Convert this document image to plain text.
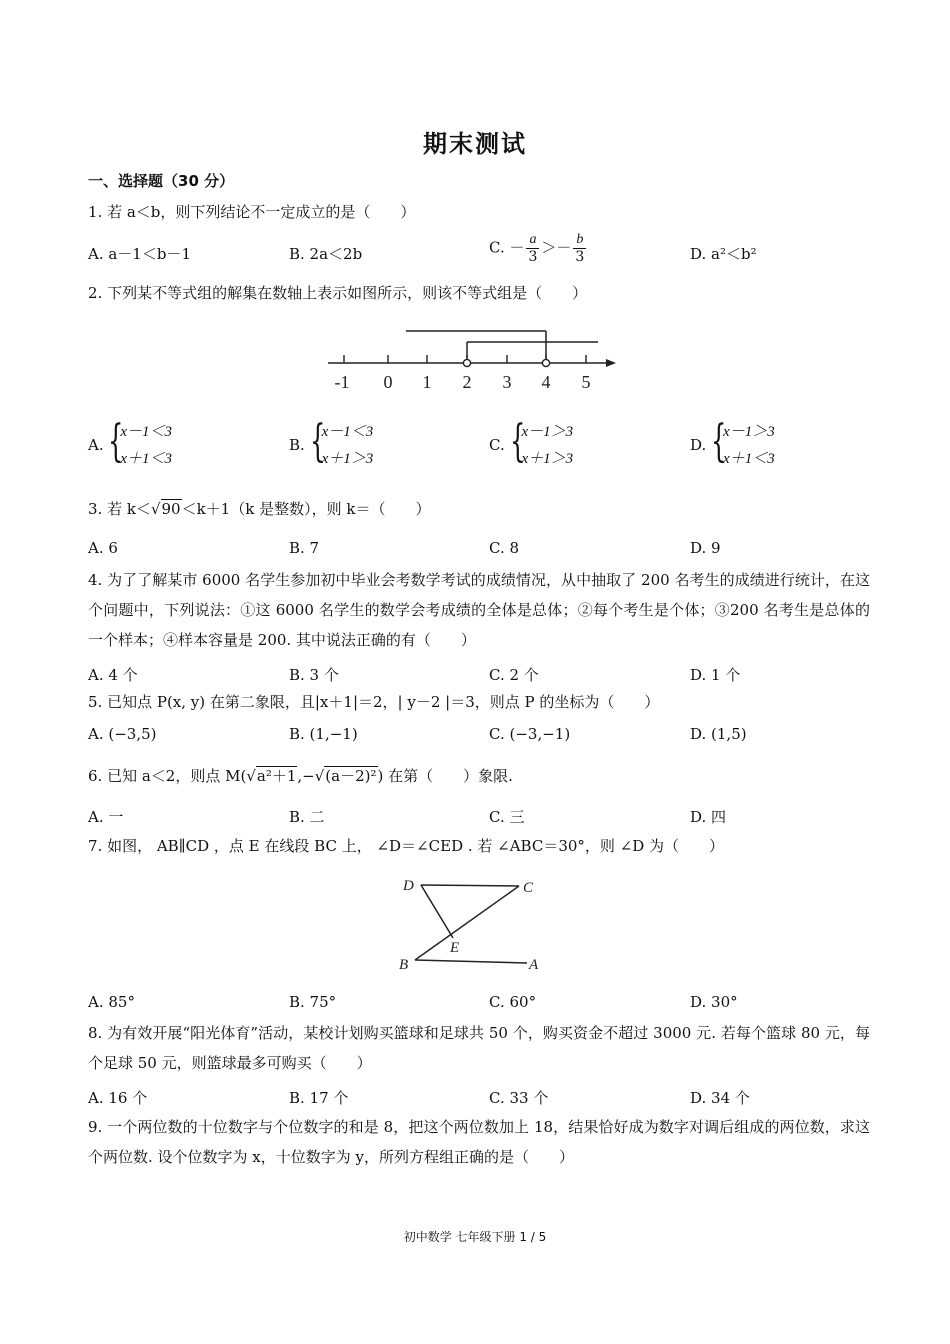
期末测试
一、选择题（30 分）
1. 若 a＜b，则下列结论不一定成立的是（　　）
A. a－1＜b－1	B. 2a＜2b	C. － $\frac{a}{3} >- \frac{b}{3}$	D. a²＜b²
2. 下列某不等式组的解集在数轴上表示如图所示，则该不等式组是（　　）
-1 0 1 2 3 4 5
A. {
x－1＜3
x＋1＜3
B. {
x－1＜3
x＋1＞3
C. {
x－1＞3
x＋1＞3
D. {
x－1＞3
x＋1＜3
3. 若 k＜√90＜k＋1（k 是整数），则 k＝（　　）
A. 6	B. 7	C. 8	D. 9
4. 为了了解某市 6000 名学生参加初中毕业会考数学考试的成绩情况，从中抽取了 200 名考生的成绩进行统计，在这个问题中，下列说法：①这 6000 名学生的数学会考成绩的全体是总体；②每个考生是个体；③200 名考生是总体的一个样本；④样本容量是 200. 其中说法正确的有（　　）
A. 4 个	B. 3 个	C. 2 个	D. 1 个
5. 已知点 P(x, y) 在第二象限，且|x＋1|＝2，| y－2 |＝3，则点 P 的坐标为（　　）
A. (−3,5)	B. (1,−1)	C. (−3,−1)	D. (1,5)
6. 已知 a＜2，则点 M(√a²＋1,−√(a－2)²) 在第（　　）象限.
A. 一	B. 二	C. 三	D. 四
7. 如图， AB∥CD ，点 E 在线段 BC 上， ∠D＝∠CED . 若 ∠ABC＝30°，则 ∠D 为（　　）
D	C
E
B	A
A. 85°	B. 75°	C. 60°	D. 30°
8. 为有效开展“阳光体育”活动，某校计划购买篮球和足球共 50 个，购买资金不超过 3000 元. 若每个篮球 80 元，每个足球 50 元，则篮球最多可购买（　　）
A. 16 个	B. 17 个	C. 33 个	D. 34 个
9. 一个两位数的十位数字与个位数字的和是 8，把这个两位数加上 18，结果恰好成为数字对调后组成的两位数，求这个两位数. 设个位数字为 x，十位数字为 y，所列方程组正确的是（　　）
初中数学 七年级下册 1 / 5
